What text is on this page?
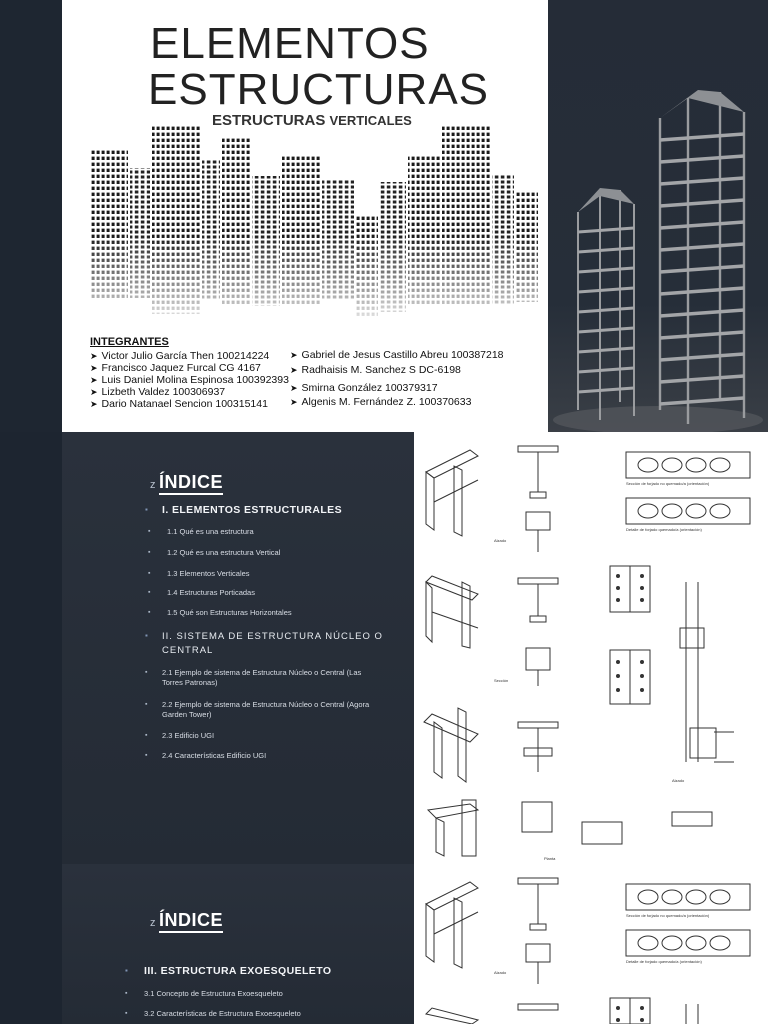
ELEMENTOS
ESTRUCTURAS
INTEGRANTES
➤ Victor Julio García Then 100214224
➤ Francisco Jaquez Furcal CG 4167
➤ Luis Daniel Molina Espinosa 100392393
➤ Lizbeth Valdez 100306937
➤ Dario Natanael Sencion 100315141
➤ Gabriel de Jesus Castillo Abreu 100387218
➤ Radhaisis M. Sanchez S DC-6198
➤ Smirna González 100379317
➤ Algenis M. Fernández Z. 100370633
z ÍNDICE
▪ I. ELEMENTOS ESTRUCTURALES
▪ 1.1 Qué es una estructura
▪ 1.2 Qué es una estructura Vertical
▪ 1.3 Elementos Verticales
▪ 1.4 Estructuras Porticadas
▪ 1.5 Qué son Estructuras Horizontales
▪ II. SISTEMA DE ESTRUCTURA NÚCLEO O CENTRAL
▪ 2.1 Ejemplo de sistema de Estructura Núcleo o Central (Las Torres Patronas)
▪ 2.2 Ejemplo de sistema de Estructura Núcleo o Central (Agora Garden Tower)
▪ 2.3 Edificio UGI
▪ 2.4 Características Edificio UGI
Alzado
Sección
Planta
Alzado
Sección de forjado no quemado/a (orientación)
Detalle de forjado quemado/a (orientación)
z ÍNDICE
▪ III. ESTRUCTURA EXOESQUELETO
▪ 3.1 Concepto de Estructura Exoesqueleto
▪ 3.2 Características de Estructura Exoesqueleto
Alzado
Sección de forjado no quemado/a (orientación)
Detalle de forjado quemado/a (orientación)
